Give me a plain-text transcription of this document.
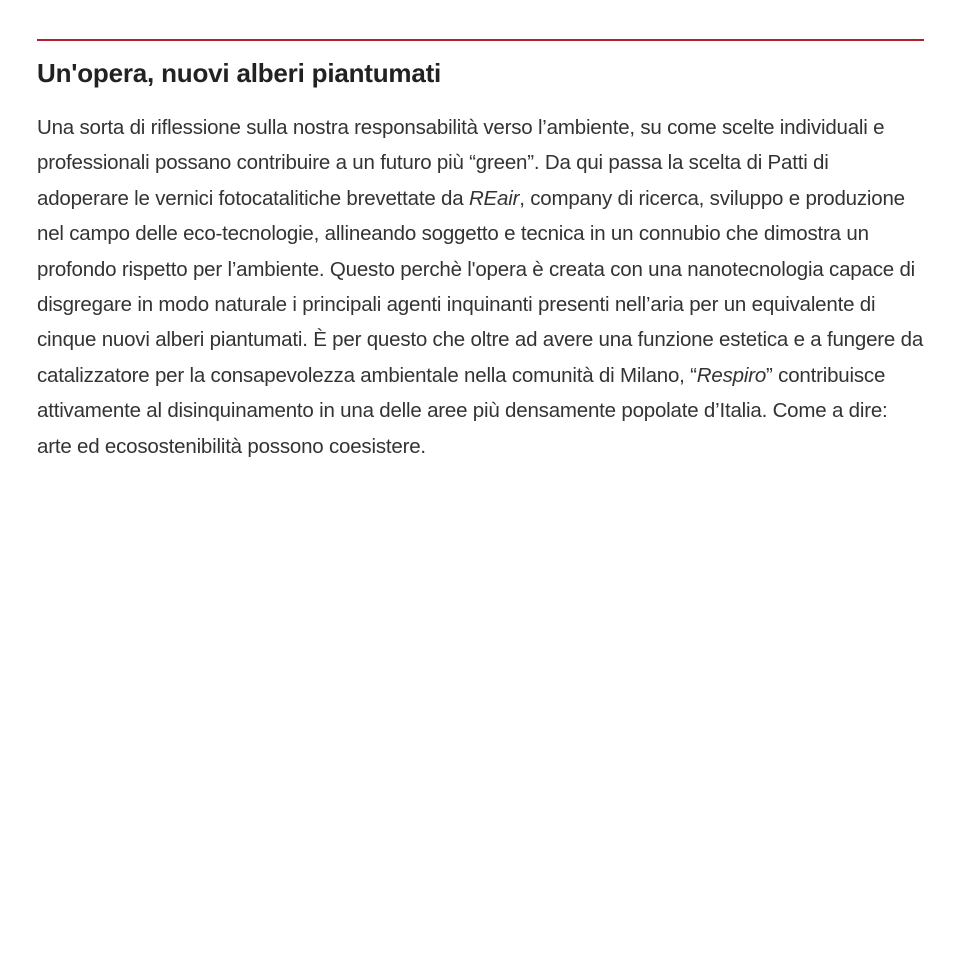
Un'opera, nuovi alberi piantumati

Una sorta di riflessione sulla nostra responsabilità verso l’ambiente, su come scelte individuali e professionali possano contribuire a un futuro più “green”. Da qui passa la scelta di Patti di adoperare le vernici fotocatalitiche brevettate da REair, company di ricerca, sviluppo e produzione nel campo delle eco-tecnologie, allineando soggetto e tecnica in un connubio che dimostra un profondo rispetto per l’ambiente. Questo perchè l'opera è creata con una nanotecnologia capace di disgregare in modo naturale i principali agenti inquinanti presenti nell’aria per un equivalente di cinque nuovi alberi piantumati. È per questo che oltre ad avere una funzione estetica e a fungere da catalizzatore per la consapevolezza ambientale nella comunità di Milano, “Respiro” contribuisce attivamente al disinquinamento in una delle aree più densamente popolate d’Italia. Come a dire: arte ed ecosostenibilità possono coesistere.
